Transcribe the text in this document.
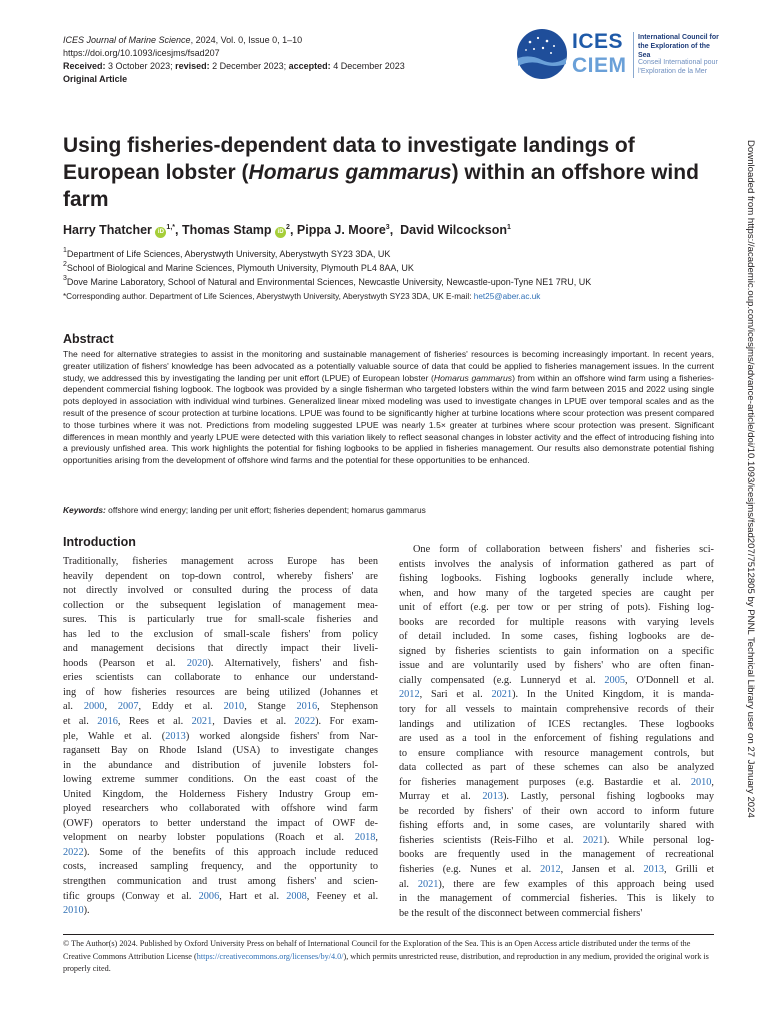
ICES Journal of Marine Science, 2024, Vol. 0, Issue 0, 1–10
https://doi.org/10.1093/icesjms/fsad207
Received: 3 October 2023; revised: 2 December 2023; accepted: 4 December 2023
Original Article
ICES
CIEM
International Council for
the Exploration of the Sea
Conseil International pour
l'Exploration de la Mer
Using fisheries-dependent data to investigate landings of European lobster (Homarus gammarus) within an offshore wind farm
Harry Thatcher $iD^{1,*}$, Thomas Stamp $iD^2$, Pippa J. Moore$^3$,  David Wilcockson$^1$
$^1$Department of Life Sciences, Aberystwyth University, Aberystwyth SY23 3DA, UK
$^2$School of Biological and Marine Sciences, Plymouth University, Plymouth PL4 8AA, UK
$^3$Dove Marine Laboratory, School of Natural and Environmental Sciences, Newcastle University, Newcastle-upon-Tyne NE1 7RU, UK
*Corresponding author. Department of Life Sciences, Aberystwyth University, Aberystwyth SY23 3DA, UK E-mail: het25@aber.ac.uk
Abstract

The need for alternative strategies to assist in the monitoring and sustainable management of fisheries' resources is becoming increasingly important. In recent years, greater utilization of fishers' knowledge has been advocated as a potentially valuable source of data that could be applied to fisheries management issues. In the current study, we addressed this by investigating the landing per unit effort (LPUE) of European lobster (Homarus gammarus) from within an offshore wind farm using a fisheries-dependent commercial fishing logbook. The logbook was provided by a single fisherman who targeted lobsters within the wind farm between 2015 and 2022 using single pots deployed in association with individual wind turbines. Generalized linear mixed modeling was used to investigate changes in LPUE over temporal scales and as the result of the presence of scour protection at turbine locations. LPUE was found to be significantly higher at turbine locations where scour protection was present compared to those turbines where it was not. Predictions from modeling suggested LPUE was nearly 1.5× greater at turbines where scour protection was present. Significant differences in mean monthly and yearly LPUE were detected with this variation likely to reflect seasonal changes in lobster activity and the effect of introducing fishing into a previously unfished area. This work highlights the potential for fishing logbooks to be applied in fisheries management. Our results also demonstrate potential fishing opportunities arising from the development of offshore wind farms and the potential for these opportunities to be enhanced.

Keywords: offshore wind energy; landing per unit effort; fisheries dependent; homarus gammarus
Introduction
Traditionally, fisheries management across Europe has been
heavily dependent on top-down control, whereby fishers' are
not directly involved or consulted during the process of data
collection or the subsequent legislation of management mea-
sures. This is particularly true for small-scale fisheries and
has led to the exclusion of small-scale fishers' from policy
and management decisions that directly impact their liveli-
hoods (Pearson et al. 2020). Alternatively, fishers' and fish-
eries scientists can collaborate to enhance our understand-
ing of how fisheries resources are being utilized (Johannes et
al. 2000, 2007, Eddy et al. 2010, Stange 2016, Stephenson
et al. 2016, Rees et al. 2021, Davies et al. 2022). For exam-
ple, Wahle et al. (2013) worked alongside fishers' from Nar-
ragansett Bay on Rhode Island (USA) to investigate changes
in the abundance and distribution of juvenile lobsters fol-
lowing extreme summer conditions. On the east coast of the
United Kingdom, the Holderness Fishery Industry Group em-
ployed researchers who collaborated with offshore wind farm
(OWF) operators to better understand the impact of OWF de-
velopment on nearby lobster populations (Roach et al. 2018,
2022). Some of the benefits of this approach include reduced
costs, increased sampling frequency, and the opportunity to
strengthen communication and trust among fishers' and scien-
tific groups (Conway et al. 2006, Hart et al. 2008, Feeney et al.
2010).
One form of collaboration between fishers' and fisheries sci-
entists involves the analysis of information gathered as part of
fishing logbooks. Fishing logbooks generally include where,
when, and how many of the targeted species are caught per
unit of effort (e.g. per tow or per string of pots). Fishing log-
books are recorded for multiple reasons with varying levels
of detail included. In some cases, fishing logbooks are de-
signed by fisheries scientists to gain information on a specific
issue and are voluntarily used by fishers' who are often finan-
cially compensated (e.g. Lunneryd et al. 2005, O'Donnell et al.
2012, Sari et al. 2021). In the United Kingdom, it is manda-
tory for all vessels to maintain comprehensive records of their
landings and utilization of ICES rectangles. These logbooks
are used as a tool in the enforcement of fishing regulations and
to ensure compliance with resource management controls, but
data collected as part of these schemes can also be analyzed
for fisheries management purposes (e.g. Bastardie et al. 2010,
Murray et al. 2013). Lastly, personal fishing logbooks may
be recorded by fishers' of their own accord to inform future
fishing efforts and, in some cases, are voluntarily shared with
fisheries scientists (Reis-Filho et al. 2021). While personal log-
books are frequently used in the management of recreational
fisheries (e.g. Nunes et al. 2012, Jansen et al. 2013, Grilli et
al. 2021), there are few examples of this approach being used
in the management of commercial fisheries. This is likely to
be the result of the disconnect between commercial fishers'

© The Author(s) 2024. Published by Oxford University Press on behalf of International Council for the Exploration of the Sea. This is an Open Access article distributed under the terms of the Creative Commons Attribution License (https://creativecommons.org/licenses/by/4.0/), which permits unrestricted reuse, distribution, and reproduction in any medium, provided the original work is properly cited.

Downloaded from https://academic.oup.com/icesjms/advance-article/doi/10.1093/icesjms/fsad207/7512805 by PNNL Technical Library user on 27 January 2024
